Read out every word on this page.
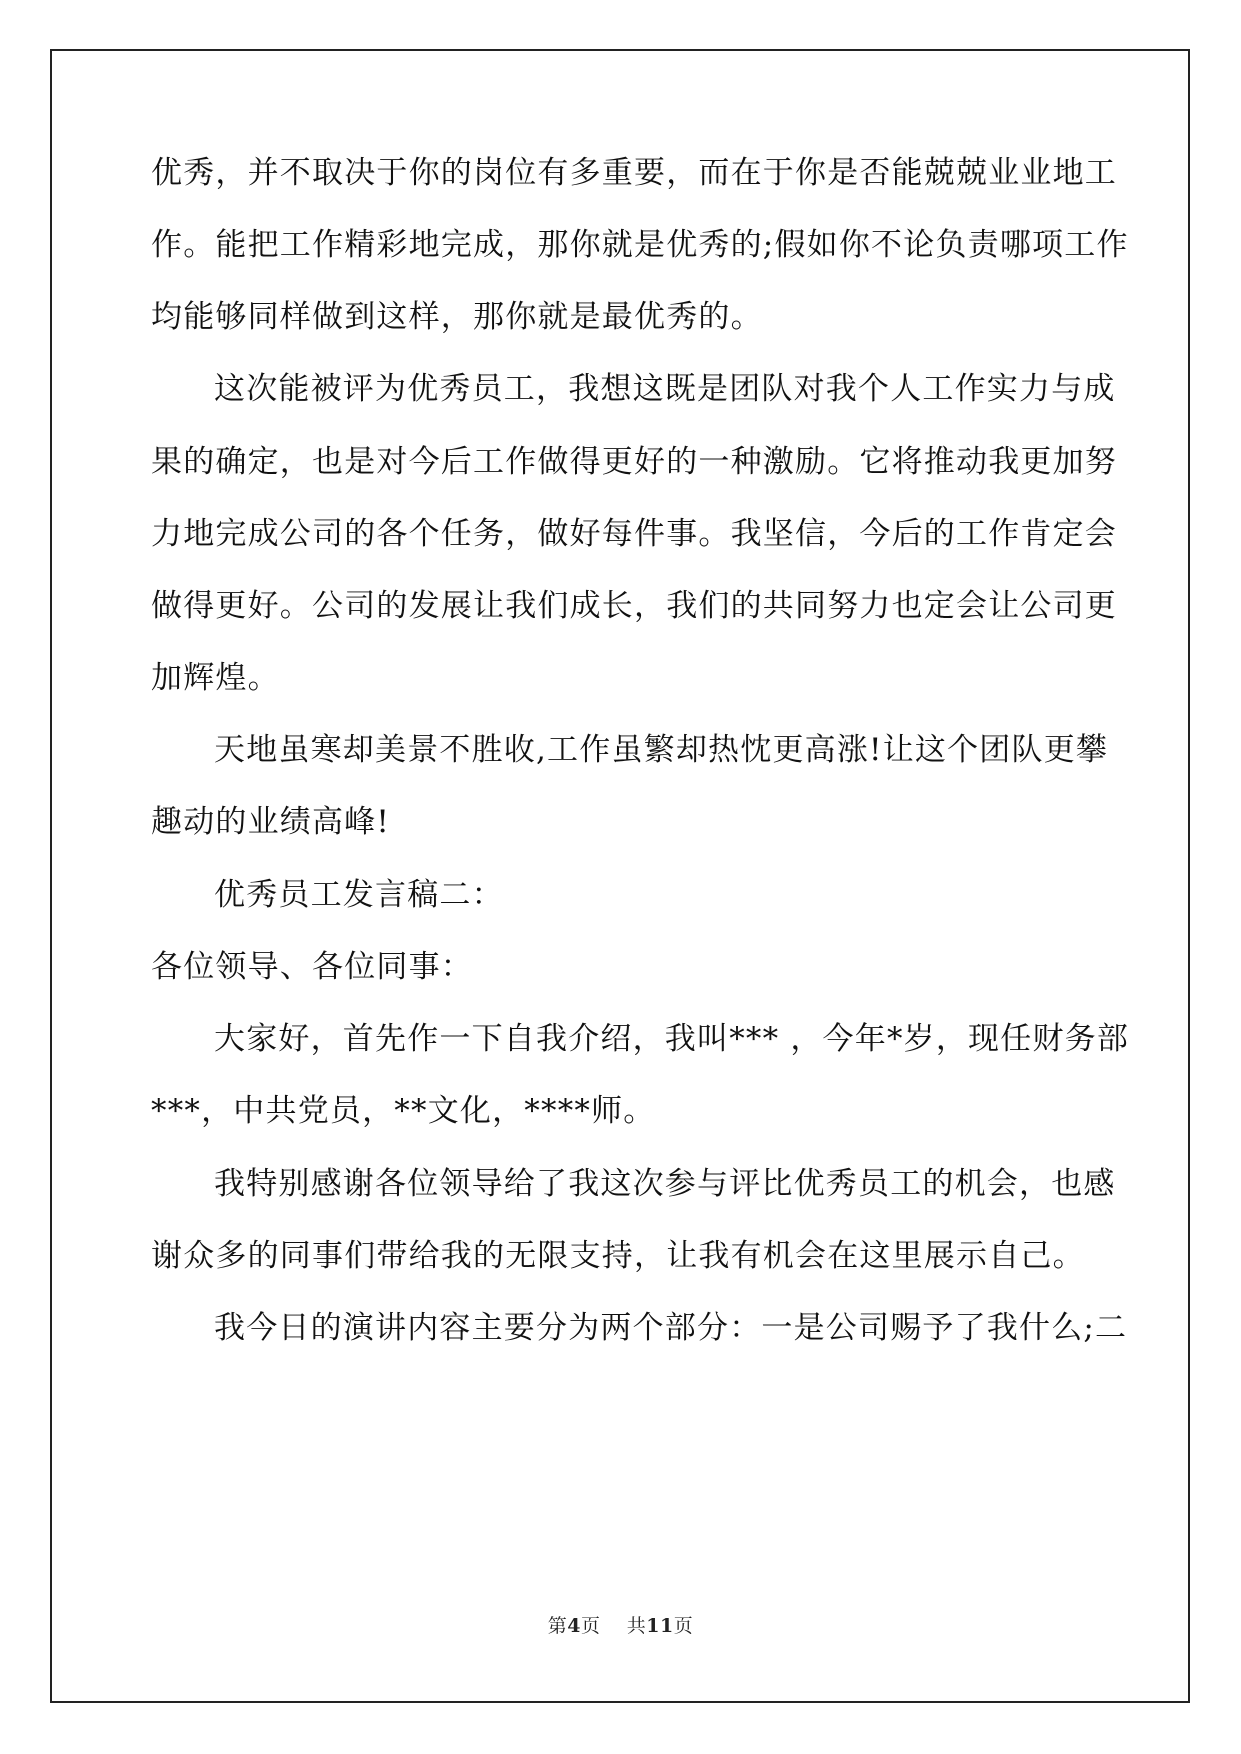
优秀，并不取决于你的岗位有多重要，而在于你是否能兢兢业业地工

作。能把工作精彩地完成，那你就是优秀的;假如你不论负责哪项工作

均能够同样做到这样，那你就是最优秀的。

这次能被评为优秀员工，我想这既是团队对我个人工作实力与成

果的确定，也是对今后工作做得更好的一种激励。它将推动我更加努

力地完成公司的各个任务，做好每件事。我坚信，今后的工作肯定会

做得更好。公司的发展让我们成长，我们的共同努力也定会让公司更

加辉煌。

天地虽寒却美景不胜收,工作虽繁却热忱更高涨!让这个团队更攀

趣动的业绩高峰!

优秀员工发言稿二：

各位领导、各位同事：

大家好，首先作一下自我介绍，我叫*** ，今年*岁，现任财务部

***，中共党员，**文化，****师。

我特别感谢各位领导给了我这次参与评比优秀员工的机会，也感

谢众多的同事们带给我的无限支持，让我有机会在这里展示自己。

我今日的演讲内容主要分为两个部分：一是公司赐予了我什么;二

第4页 共11页
